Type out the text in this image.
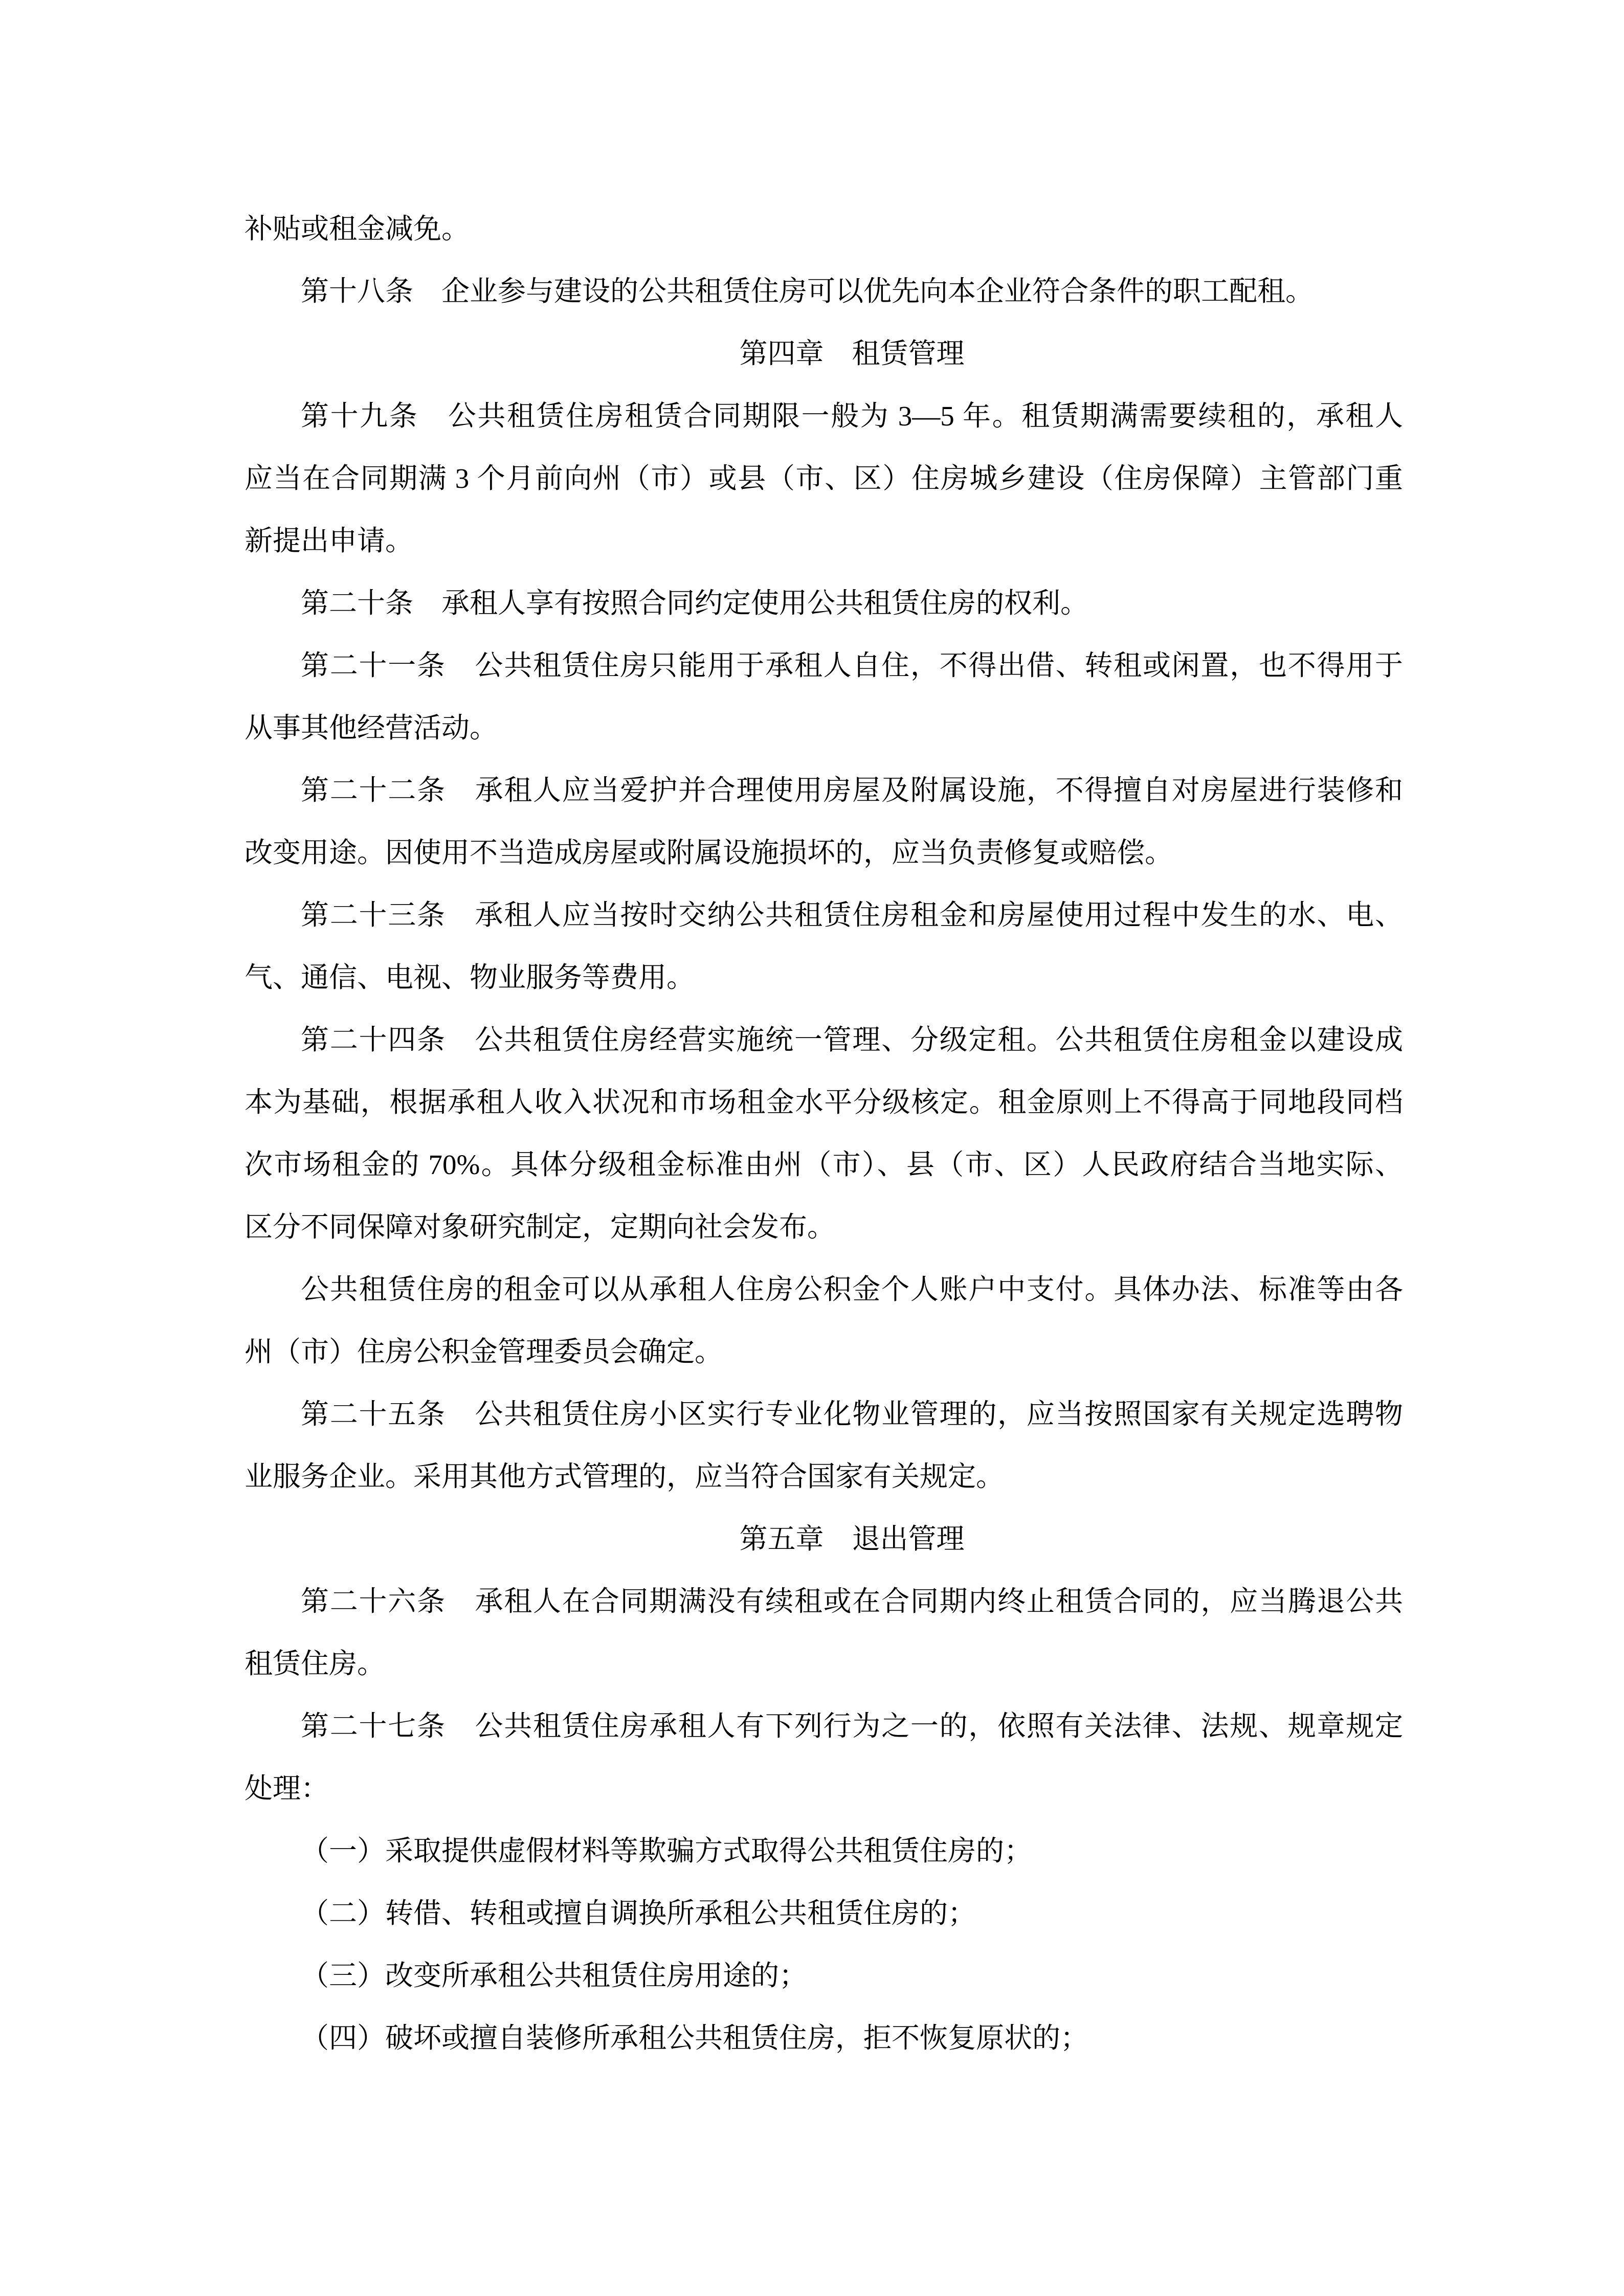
补贴或租金减免。
第十八条　企业参与建设的公共租赁住房可以优先向本企业符合条件的职工配租。
第四章　租赁管理
第十九条　公共租赁住房租赁合同期限一般为 3—5 年。租赁期满需要续租的，承租人
应当在合同期满 3 个月前向州（市）或县（市、区）住房城乡建设（住房保障）主管部门重
新提出申请。
第二十条　承租人享有按照合同约定使用公共租赁住房的权利。
第二十一条　公共租赁住房只能用于承租人自住，不得出借、转租或闲置，也不得用于
从事其他经营活动。
第二十二条　承租人应当爱护并合理使用房屋及附属设施，不得擅自对房屋进行装修和
改变用途。因使用不当造成房屋或附属设施损坏的，应当负责修复或赔偿。
第二十三条　承租人应当按时交纳公共租赁住房租金和房屋使用过程中发生的水、电、
气、通信、电视、物业服务等费用。
第二十四条　公共租赁住房经营实施统一管理、分级定租。公共租赁住房租金以建设成
本为基础，根据承租人收入状况和市场租金水平分级核定。租金原则上不得高于同地段同档
次市场租金的 70%。具体分级租金标准由州（市）、县（市、区）人民政府结合当地实际、
区分不同保障对象研究制定，定期向社会发布。
公共租赁住房的租金可以从承租人住房公积金个人账户中支付。具体办法、标准等由各
州（市）住房公积金管理委员会确定。
第二十五条　公共租赁住房小区实行专业化物业管理的，应当按照国家有关规定选聘物
业服务企业。采用其他方式管理的，应当符合国家有关规定。
第五章　退出管理
第二十六条　承租人在合同期满没有续租或在合同期内终止租赁合同的，应当腾退公共
租赁住房。
第二十七条　公共租赁住房承租人有下列行为之一的，依照有关法律、法规、规章规定
处理：
（一）采取提供虚假材料等欺骗方式取得公共租赁住房的；
（二）转借、转租或擅自调换所承租公共租赁住房的；
（三）改变所承租公共租赁住房用途的；
（四）破坏或擅自装修所承租公共租赁住房，拒不恢复原状的；
